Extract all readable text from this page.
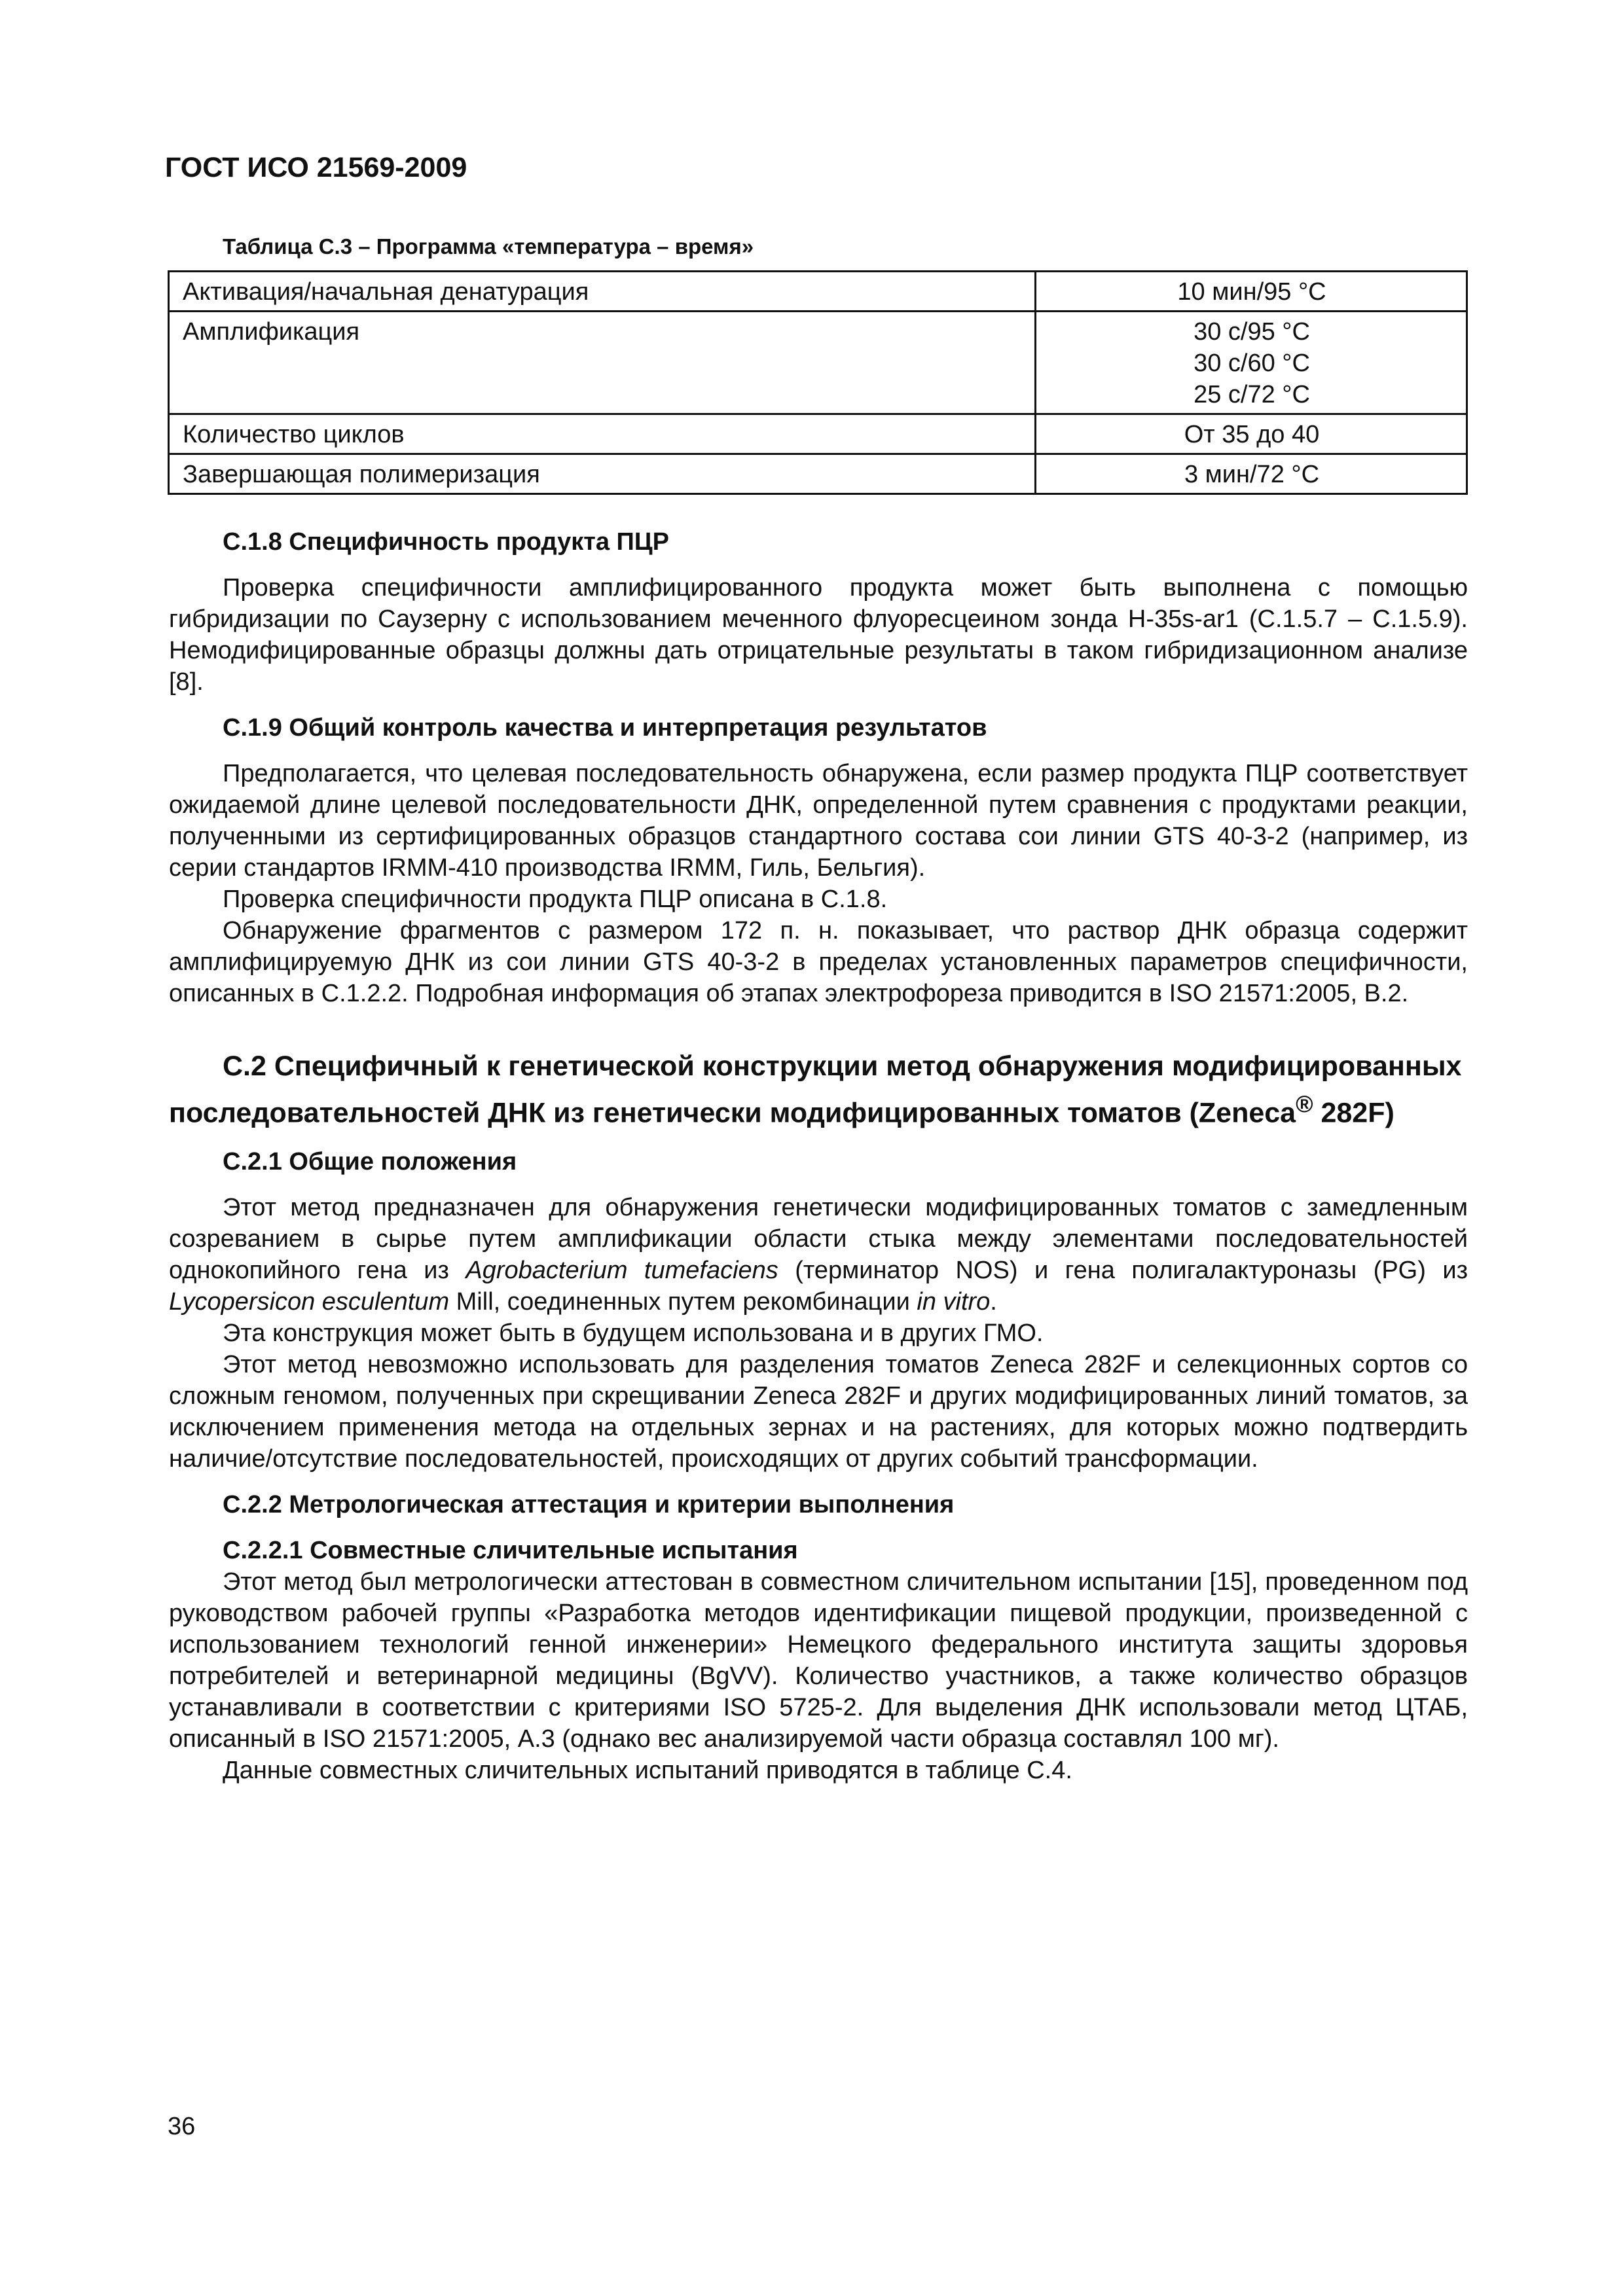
ГОСТ ИСО 21569-2009
Таблица С.3 – Программа «температура – время»
Активация/начальная денатурация	10 мин/95 °С

Амплификация	30 с/95 °С
30 с/60 °С
25 с/72 °С

Количество циклов	От 35 до 40

Завершающая полимеризация	3 мин/72 °С
С.1.8 Специфичность продукта ПЦР

Проверка специфичности амплифицированного продукта может быть выполнена с помощью гибридизации по Саузерну с использованием меченного флуоресцеином зонда H-35s-ar1 (С.1.5.7 – С.1.5.9). Немодифицированные образцы должны дать отрицательные результаты в таком гибридизационном анализе [8].

С.1.9 Общий контроль качества и интерпретация результатов

Предполагается, что целевая последовательность обнаружена, если размер продукта ПЦР соответствует ожидаемой длине целевой последовательности ДНК, определенной путем сравнения с продуктами реакции, полученными из сертифицированных образцов стандартного состава сои линии GTS 40-3-2 (например, из серии стандартов IRMM-410 производства IRMM, Гиль, Бельгия).

Проверка специфичности продукта ПЦР описана в С.1.8.

Обнаружение фрагментов с размером 172 п. н. показывает, что раствор ДНК образца содержит амплифицируемую ДНК из сои линии GTS 40-3-2 в пределах установленных параметров специфичности, описанных в С.1.2.2. Подробная информация об этапах электрофореза приводится в ISO 21571:2005, В.2.

С.2 Специфичный к генетической конструкции метод обнаружения модифицированных последовательностей ДНК из генетически модифицированных томатов (Zeneca® 282F)
С.2.1 Общие положения

Этот метод предназначен для обнаружения генетически модифицированных томатов с замедленным созреванием в сырье путем амплификации области стыка между элементами последовательностей однокопийного гена из Agrobacterium tumefaciens (терминатор NOS) и гена полигалактуроназы (PG) из Lycopersicon esculentum Mill, соединенных путем рекомбинации in vitro.

Эта конструкция может быть в будущем использована и в других ГМО.

Этот метод невозможно использовать для разделения томатов Zeneca 282F и селекционных сортов со сложным геномом, полученных при скрещивании Zeneca 282F и других модифицированных линий томатов, за исключением применения метода на отдельных зернах и на растениях, для которых можно подтвердить наличие/отсутствие последовательностей, происходящих от других событий трансформации.

С.2.2 Метрологическая аттестация и критерии выполнения
С.2.2.1 Совместные сличительные испытания

Этот метод был метрологически аттестован в совместном сличительном испытании [15], проведенном под руководством рабочей группы «Разработка методов идентификации пищевой продукции, произведенной с использованием технологий генной инженерии» Немецкого федерального института защиты здоровья потребителей и ветеринарной медицины (BgVV). Количество участников, а также количество образцов устанавливали в соответствии с критериями ISO 5725-2. Для выделения ДНК использовали метод ЦТАБ, описанный в ISO 21571:2005, А.3 (однако вес анализируемой части образца составлял 100 мг).

Данные совместных сличительных испытаний приводятся в таблице С.4.

36
